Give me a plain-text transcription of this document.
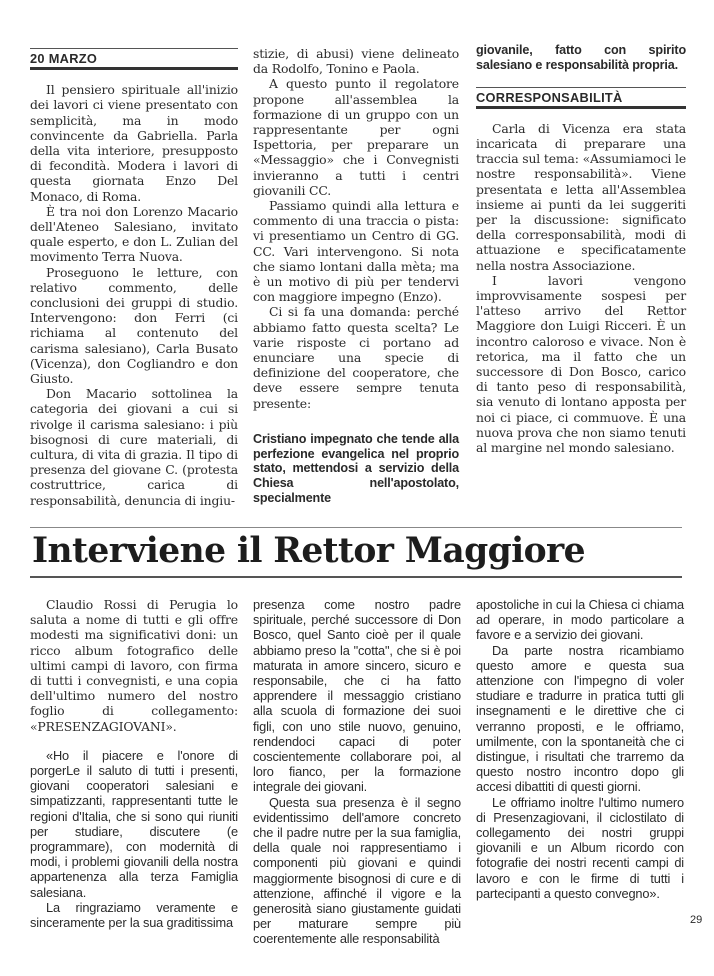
20 MARZO

Il pensiero spirituale all'inizio dei lavori ci viene presentato con semplicità, ma in modo convincente da Gabriella. Parla della vita interiore, presupposto di fecondità. Modera i lavori di questa giornata Enzo Del Monaco, di Roma.

È tra noi don Lorenzo Macario dell'Ateneo Salesiano, invitato quale esperto, e don L. Zulian del movimento Terra Nuova.

Proseguono le letture, con relativo commento, delle conclusioni dei gruppi di studio. Intervengono: don Ferri (ci richiama al contenuto del carisma salesiano), Carla Busato (Vicenza), don Cogliandro e don Giusto.

Don Macario sottolinea la categoria dei giovani a cui si rivolge il carisma salesiano: i più bisognosi di cure materiali, di cultura, di vita di grazia. Il tipo di presenza del giovane C. (protesta costruttrice, carica di responsabilità, denuncia di ingiu-

stizie, di abusi) viene delineato da Rodolfo, Tonino e Paola.

A questo punto il regolatore propone all'assemblea la formazione di un gruppo con un rappresentante per ogni Ispettoria, per preparare un «Messaggio» che i Convegnisti invieranno a tutti i centri giovanili CC.

Passiamo quindi alla lettura e commento di una traccia o pista: vi presentiamo un Centro di GG. CC. Vari intervengono. Si nota che siamo lontani dalla mèta; ma è un motivo di più per tendervi con maggiore impegno (Enzo).

Ci si fa una domanda: perché abbiamo fatto questa scelta? Le varie risposte ci portano ad enunciare una specie di definizione del cooperatore, che deve essere sempre tenuta presente:

Cristiano impegnato che tende alla perfezione evangelica nel proprio stato, mettendosi a servizio della Chiesa nell'apostolato, specialmente
giovanile, fatto con spirito salesiano e responsabilità propria.
CORRESPONSABILITÀ

Carla di Vicenza era stata incaricata di preparare una traccia sul tema: «Assumiamoci le nostre responsabilità». Viene presentata e letta all'Assemblea insieme ai punti da lei suggeriti per la discussione: significato della corresponsabilità, modi di attuazione e specificatamente nella nostra Associazione.

I lavori vengono improvvisamente sospesi per l'atteso arrivo del Rettor Maggiore don Luigi Ricceri. È un incontro caloroso e vivace. Non è retorica, ma il fatto che un successore di Don Bosco, carico di tanto peso di responsabilità, sia venuto di lontano apposta per noi ci piace, ci commuove. È una nuova prova che non siamo tenuti al margine nel mondo salesiano.

Interviene il Rettor Maggiore

Claudio Rossi di Perugia lo saluta a nome di tutti e gli offre modesti ma significativi doni: un ricco album fotografico delle ultimi campi di lavoro, con firma di tutti i convegnisti, e una copia dell'ultimo numero del nostro foglio di collegamento: «PRESENZAGIOVANI».

«Ho il piacere e l'onore di porgerLe il saluto di tutti i presenti, giovani cooperatori salesiani e simpatizzanti, rappresentanti tutte le regioni d'Italia, che si sono qui riuniti per studiare, discutere (e programmare), con modernità di modi, i problemi giovanili della nostra appartenenza alla terza Famiglia salesiana.

La ringraziamo veramente e sinceramente per la sua graditissima

presenza come nostro padre spirituale, perché successore di Don Bosco, quel Santo cioè per il quale abbiamo preso la "cotta", che si è poi maturata in amore sincero, sicuro e responsabile, che ci ha fatto apprendere il messaggio cristiano alla scuola di formazione dei suoi figli, con uno stile nuovo, genuino, rendendoci capaci di poter coscientemente collaborare poi, al loro fianco, per la formazione integrale dei giovani.

Questa sua presenza è il segno evidentissimo dell'amore concreto che il padre nutre per la sua famiglia, della quale noi rappresentiamo i componenti più giovani e quindi maggiormente bisognosi di cure e di attenzione, affinché il vigore e la generosità siano giustamente guidati per maturare sempre più coerentemente alle responsabilità

apostoliche in cui la Chiesa ci chiama ad operare, in modo particolare a favore e a servizio dei giovani.

Da parte nostra ricambiamo questo amore e questa sua attenzione con l'impegno di voler studiare e tradurre in pratica tutti gli insegnamenti e le direttive che ci verranno proposti, e le offriamo, umilmente, con la spontaneità che ci distingue, i risultati che trarremo da questo nostro incontro dopo gli accesi dibattiti di questi giorni.

Le offriamo inoltre l'ultimo numero di Presenzagiovani, il ciclostilato di collegamento dei nostri gruppi giovanili e un Album ricordo con fotografie dei nostri recenti campi di lavoro e con le firme di tutti i partecipanti a questo convegno».

29
